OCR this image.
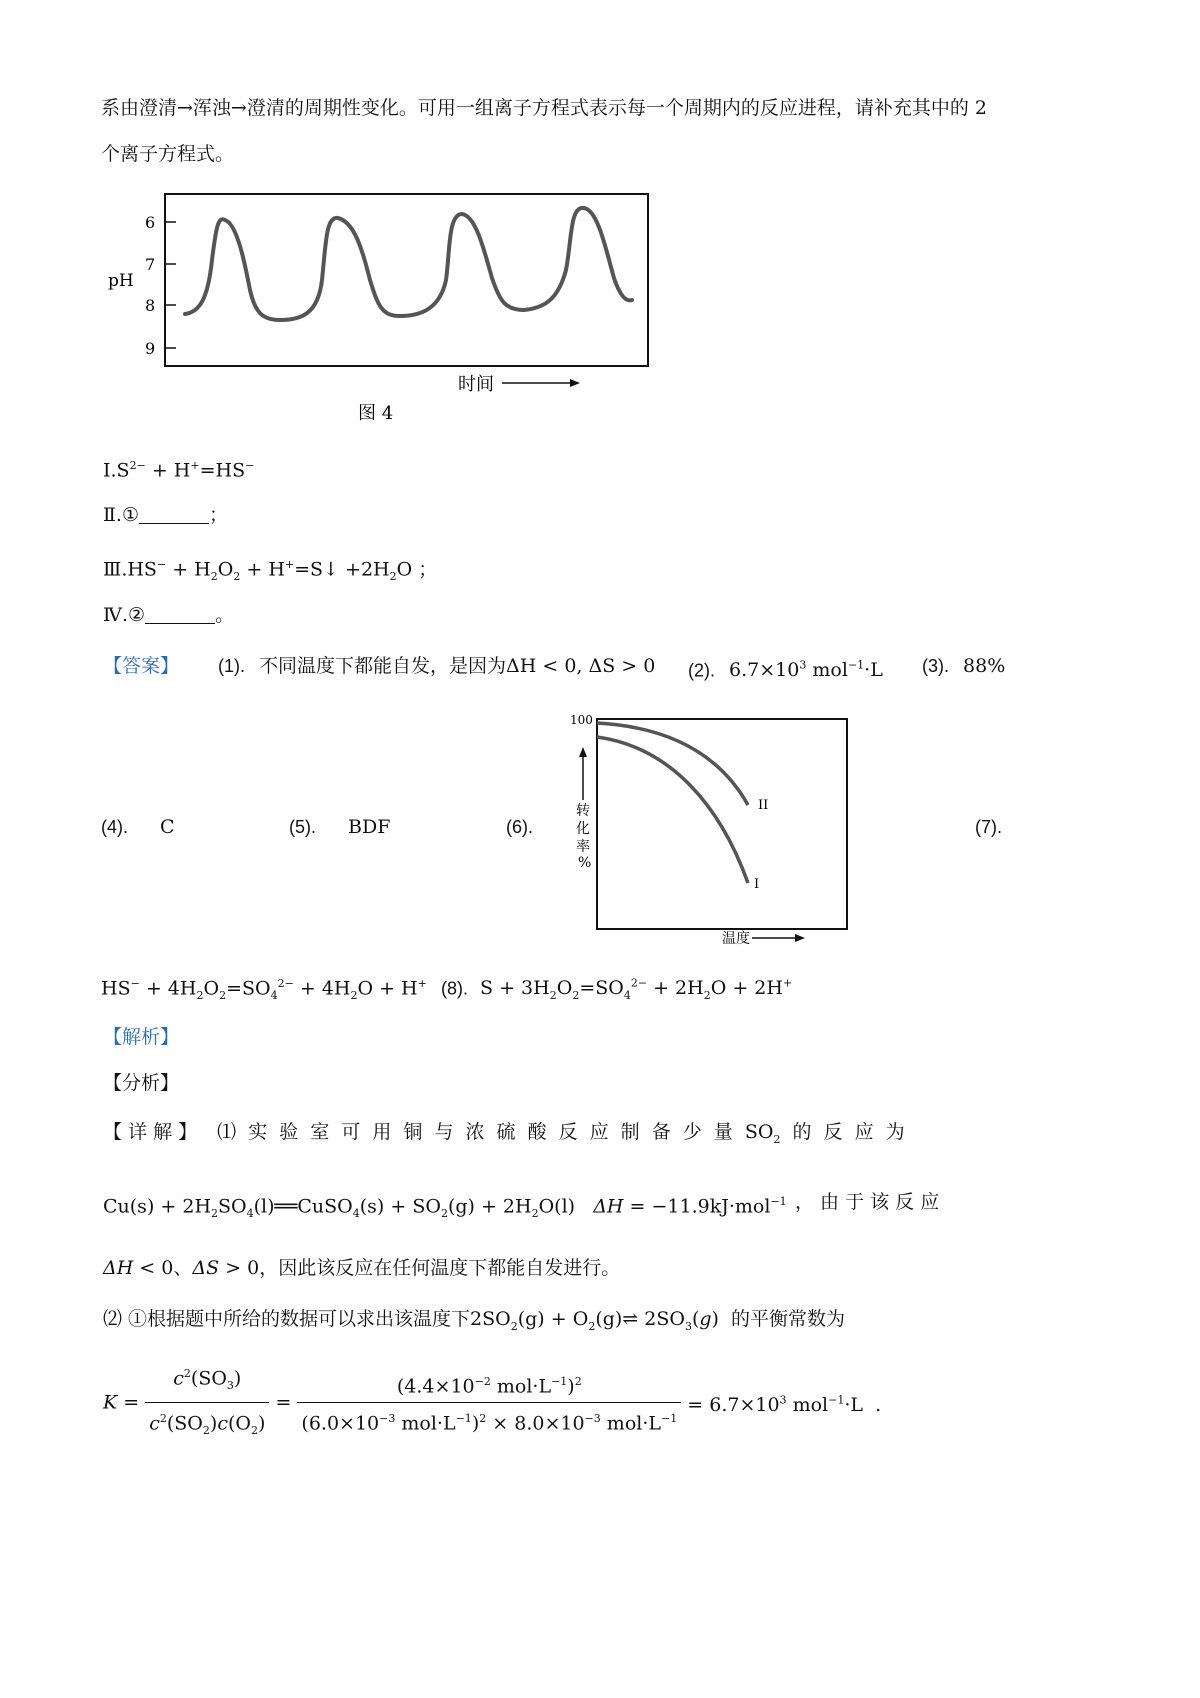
系由澄清→浑浊→澄清的周期性变化。可用一组离子方程式表示每一个周期内的反应进程，请补充其中的 2
个离子方程式。
6
7
8
9
pH
时间
图 4
$Ⅰ.S^{2-} + H^+=HS^-$
Ⅱ.①	；
Ⅲ.HS− + $H_2O_2$ + H+=S↓ $+2H_2O$ ；
Ⅳ.②	。
【答案】 (1). 不同温度下都能自发，是因为ΔH < 0, ΔS > 0 (2). $6.7\times 10^3$ mol$^{-1}$·L (3). 88%
(4). C	(5). BDF	(6).	(7).
100
转 化 率 %
II
I
温度
$HS^- + 4H_2O_2=SO_4^{2-} + 4H_2O + H^+$ (8). $S + 3H_2O_2=SO_4^{2-} + 2H_2O + 2H^+$
【解析】
【分析】
【 详 解 】 ⑴ 实 验 室 可 用 铜 与 浓 硫 酸 反 应 制 备 少 量 $SO_2$ 的 反 应 为
$Cu(s) + 2H_2SO_4(l)══CuSO_4(s) + SO_2(g) + 2H_2O(l) \Delta H = -11.9kJ\cdot mol^{-1}$ ， 由 于 该 反 应
ΔH < 0、ΔS > 0，因此该反应在任何温度下都能自发进行。
⑵ ①根据题中所给的数据可以求出该温度下$2SO_2(g)$ + $O_2(g)\rightleftharpoons$ $2SO_3(g)$  的平衡常数为
$K = \frac{c^2(SO_3)}{c^2(SO_2)c(O_2)} = \frac{(4.4\times 10^{-2} mol\cdot L^{-1})^2}{(6.0\times 10^{-3} mol\cdot L^{-1})^2 \times 8.0\times 10^{-3} mol\cdot L^{-1}} = 6.7\times 10^3$ mol$^{-1}$·L  .
